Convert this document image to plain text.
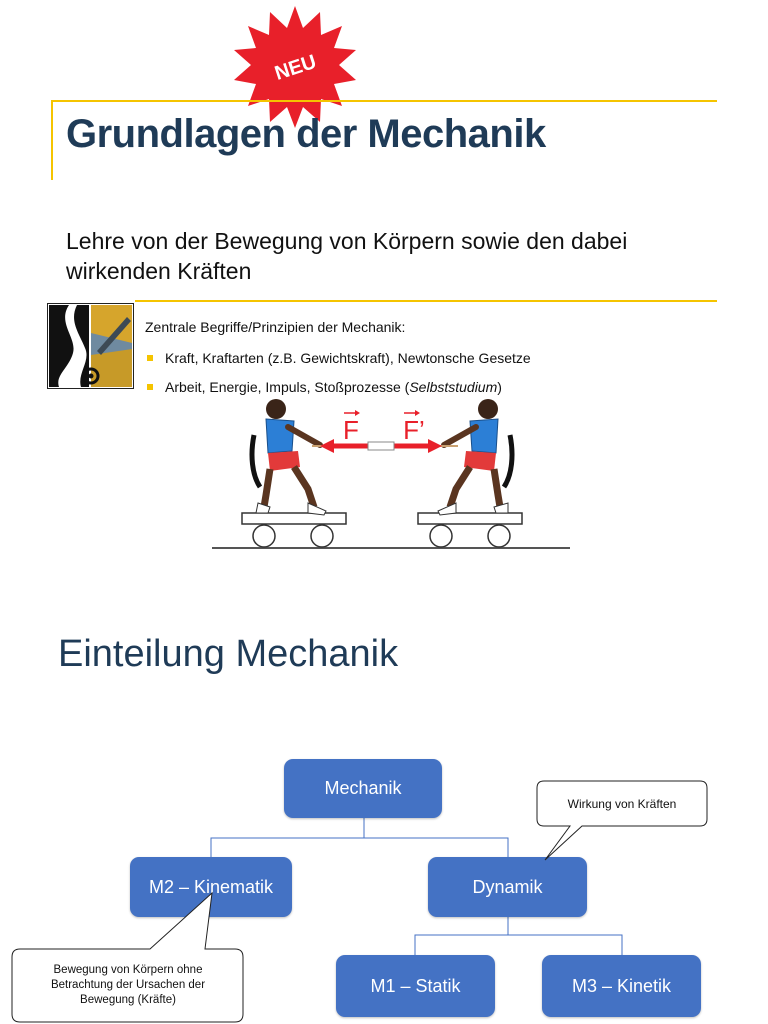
NEU
Grundlagen der Mechanik
Lehre von der Bewegung von Körpern sowie den dabei wirkenden Kräften
Zentrale Begriffe/Prinzipien der Mechanik:
Kraft, Kraftarten (z.B. Gewichtskraft), Newtonsche Gesetze
Arbeit, Energie, Impuls, Stoßprozesse (Selbststudium)
F F’
Einteilung Mechanik
Mechanik
M2 – Kinematik	Dynamik
M1 – Statik	M3 – Kinetik
Wirkung von Kräften
Bewegung von Körpern ohne Betrachtung der Ursachen der Bewegung (Kräfte)
